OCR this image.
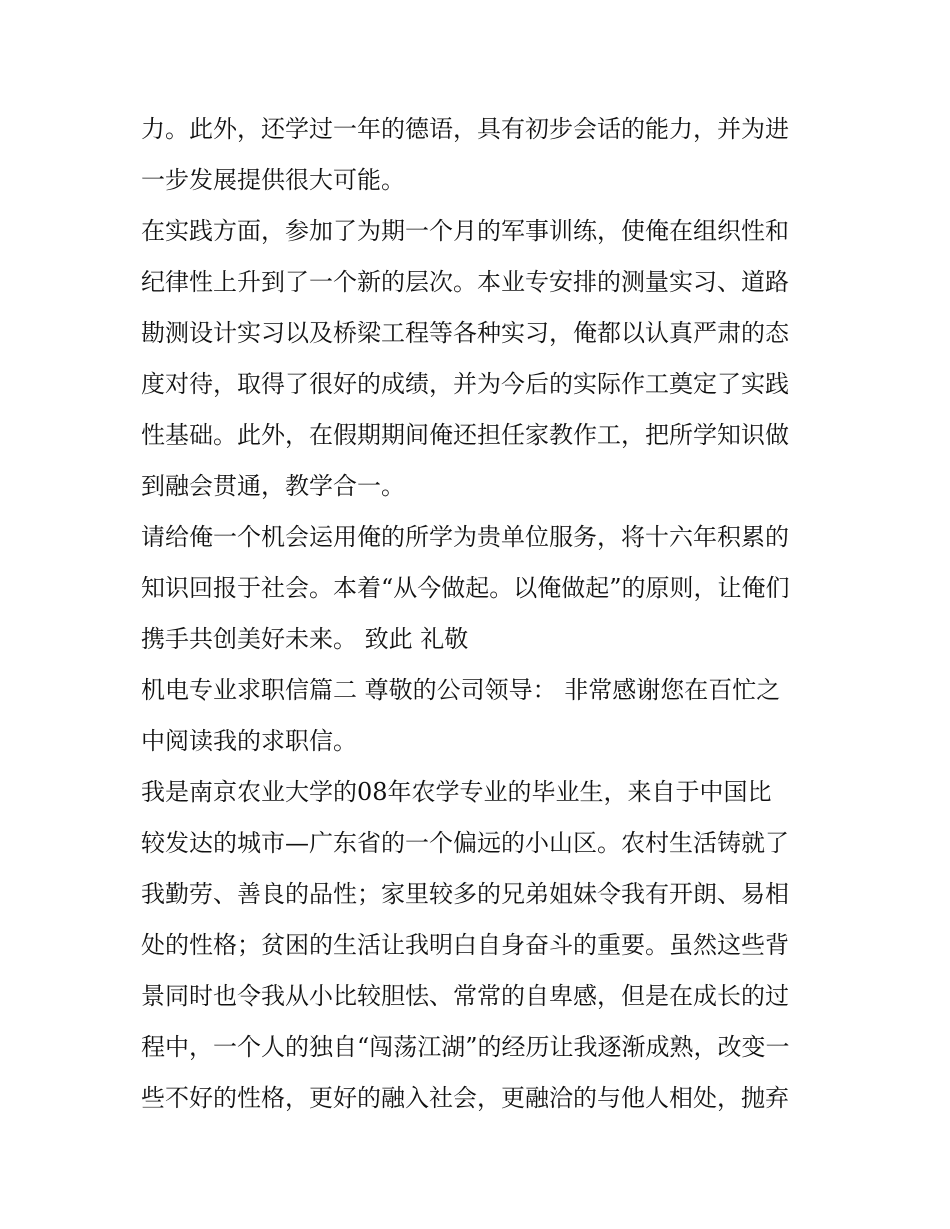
力。此外，还学过一年的德语，具有初步会话的能力，并为进
一步发展提供很大可能。

在实践方面，参加了为期一个月的军事训练，使俺在组织性和
纪律性上升到了一个新的层次。本业专安排的测量实习、道路
勘测设计实习以及桥梁工程等各种实习，俺都以认真严肃的态
度对待，取得了很好的成绩，并为今后的实际作工奠定了实践
性基础。此外，在假期期间俺还担任家教作工，把所学知识做
到融会贯通，教学合一。

请给俺一个机会运用俺的所学为贵单位服务，将十六年积累的
知识回报于社会。本着“从今做起。以俺做起”的原则，让俺们
携手共创美好未来。 致此 礼敬

机电专业求职信篇二 尊敬的公司领导： 非常感谢您在百忙之
中阅读我的求职信。

我是南京农业大学的08年农学专业的毕业生，来自于中国比
较发达的城市—广东省的一个偏远的小山区。农村生活铸就了
我勤劳、善良的品性；家里较多的兄弟姐妹令我有开朗、易相
处的性格；贫困的生活让我明白自身奋斗的重要。虽然这些背
景同时也令我从小比较胆怯、常常的自卑感，但是在成长的过
程中，一个人的独自“闯荡江湖”的经历让我逐渐成熟，改变一
些不好的性格，更好的融入社会，更融洽的与他人相处，抛弃
